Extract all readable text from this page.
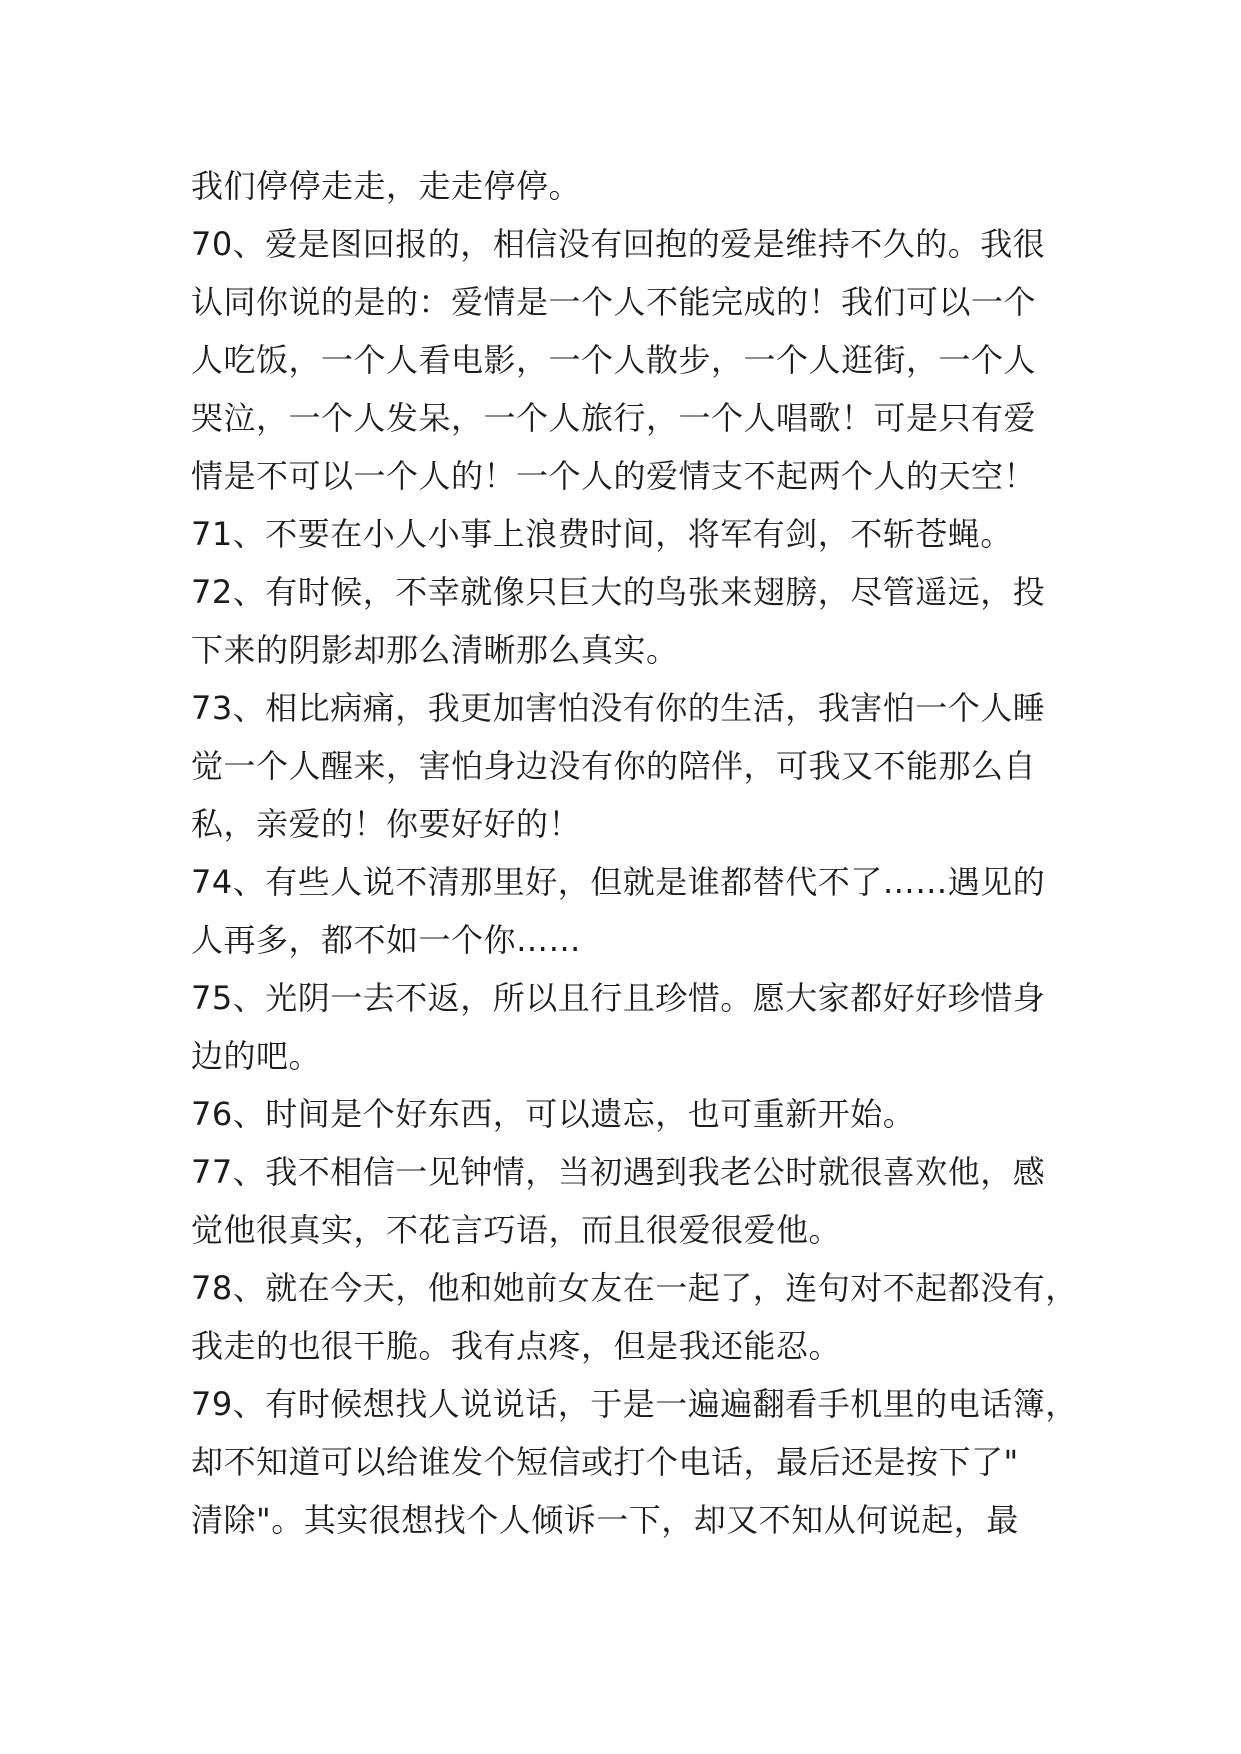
我们停停走走，走走停停。
70、爱是图回报的，相信没有回抱的爱是维持不久的。我很
认同你说的是的：爱情是一个人不能完成的！我们可以一个
人吃饭，一个人看电影，一个人散步，一个人逛街，一个人
哭泣，一个人发呆，一个人旅行，一个人唱歌！可是只有爱
情是不可以一个人的！一个人的爱情支不起两个人的天空！
71、不要在小人小事上浪费时间，将军有剑，不斩苍蝇。
72、有时候，不幸就像只巨大的鸟张来翅膀，尽管遥远，投
下来的阴影却那么清晰那么真实。
73、相比病痛，我更加害怕没有你的生活，我害怕一个人睡
觉一个人醒来，害怕身边没有你的陪伴，可我又不能那么自
私，亲爱的！你要好好的！
74、有些人说不清那里好，但就是谁都替代不了……遇见的
人再多，都不如一个你……
75、光阴一去不返，所以且行且珍惜。愿大家都好好珍惜身
边的吧。
76、时间是个好东西，可以遗忘，也可重新开始。
77、我不相信一见钟情，当初遇到我老公时就很喜欢他，感
觉他很真实，不花言巧语，而且很爱很爱他。
78、就在今天，他和她前女友在一起了，连句对不起都没有，
我走的也很干脆。我有点疼，但是我还能忍。
79、有时候想找人说说话，于是一遍遍翻看手机里的电话簿，
却不知道可以给谁发个短信或打个电话，最后还是按下了"
清除"。其实很想找个人倾诉一下，却又不知从何说起，最
